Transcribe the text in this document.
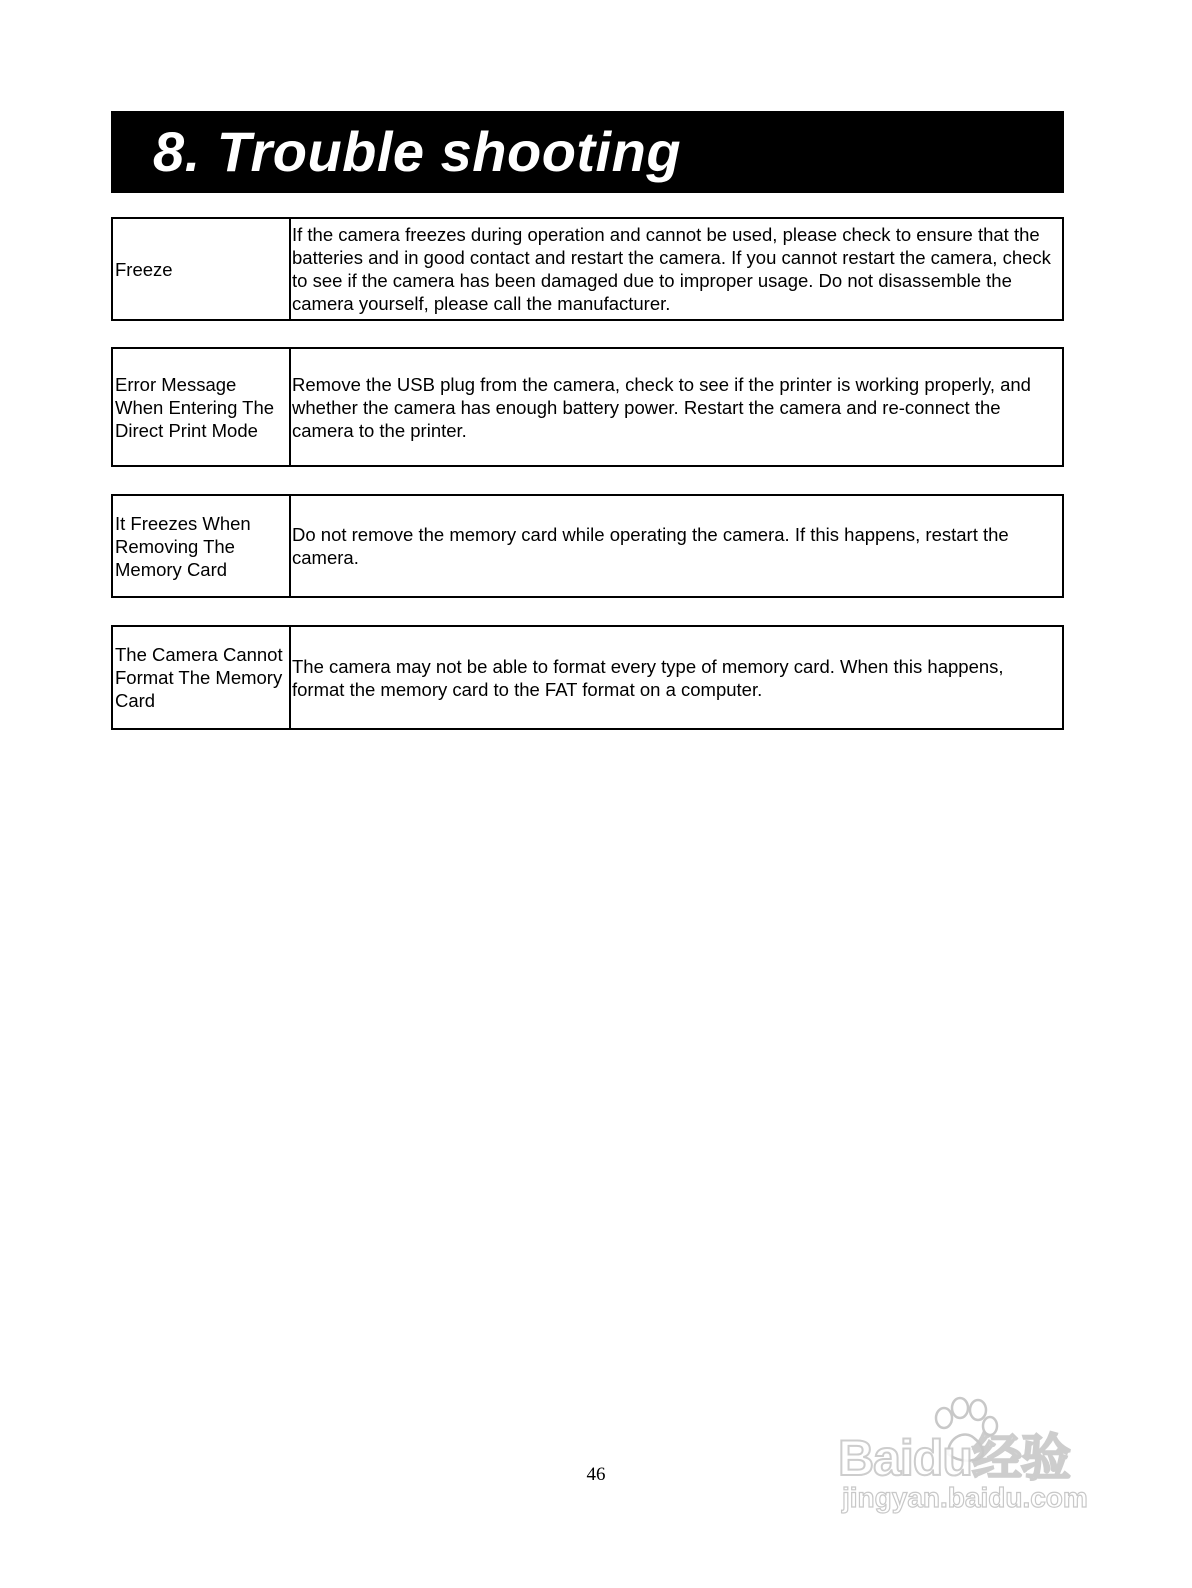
8. Trouble shooting
Freeze
If the camera freezes during operation and cannot be used, please check to ensure that the batteries and in good contact and restart the camera. If you cannot restart the camera, check to see if the camera has been damaged due to improper usage. Do not disassemble the camera yourself, please call the manufacturer.
Error Message When Entering The Direct Print Mode
Remove the USB plug from the camera, check to see if the printer is working properly, and whether the camera has enough battery power. Restart the camera and re-connect the camera to the printer.
It Freezes When Removing The Memory Card
Do not remove the memory card while operating the camera. If this happens, restart the camera.
The Camera Cannot Format The Memory Card
The camera may not be able to format every type of memory card. When this happens, format the memory card to the FAT format on a computer.
46	Baidu经验
jingyan.baidu.com
